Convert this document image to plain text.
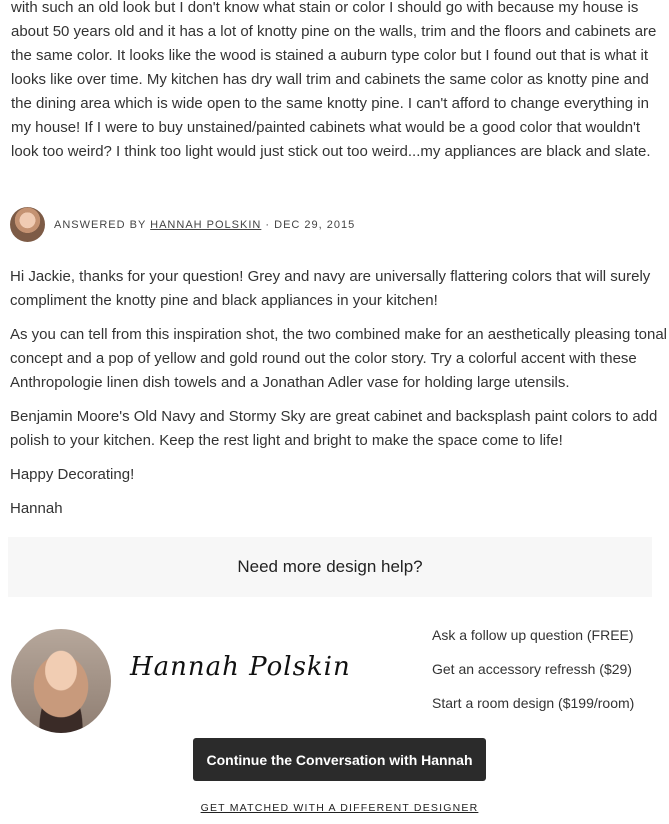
with such an old look but I don't know what stain or color I should go with because my house is
about 50 years old and it has a lot of knotty pine on the walls, trim and the floors and cabinets are
the same color. It looks like the wood is stained a auburn type color but I found out that is what it
looks like over time. My kitchen has dry wall trim and cabinets the same color as knotty pine and
the dining area which is wide open to the same knotty pine. I can't afford to change everything in
my house! If I were to buy unstained/painted cabinets what would be a good color that wouldn't
look too weird? I think too light would just stick out too weird...my appliances are black and slate.
ANSWERED BY HANNAH POLSKIN · DEC 29, 2015

Hi Jackie, thanks for your question! Grey and navy are universally flattering colors that will surely
compliment the knotty pine and black appliances in your kitchen!

As you can tell from this inspiration shot, the two combined make for an aesthetically pleasing tonal
concept and a pop of yellow and gold round out the color story. Try a colorful accent with these
Anthropologie linen dish towels and a Jonathan Adler vase for holding large utensils.

Benjamin Moore's Old Navy and Stormy Sky are great cabinet and backsplash paint colors to add
polish to your kitchen. Keep the rest light and bright to make the space come to life!

Happy Decorating!

Hannah

Need more design help?
Hannah Polskin
Ask a follow up question (FREE)
Get an accessory refressh ($29)
Start a room design ($199/room)
Continue the Conversation with Hannah
GET MATCHED WITH A DIFFERENT DESIGNER
